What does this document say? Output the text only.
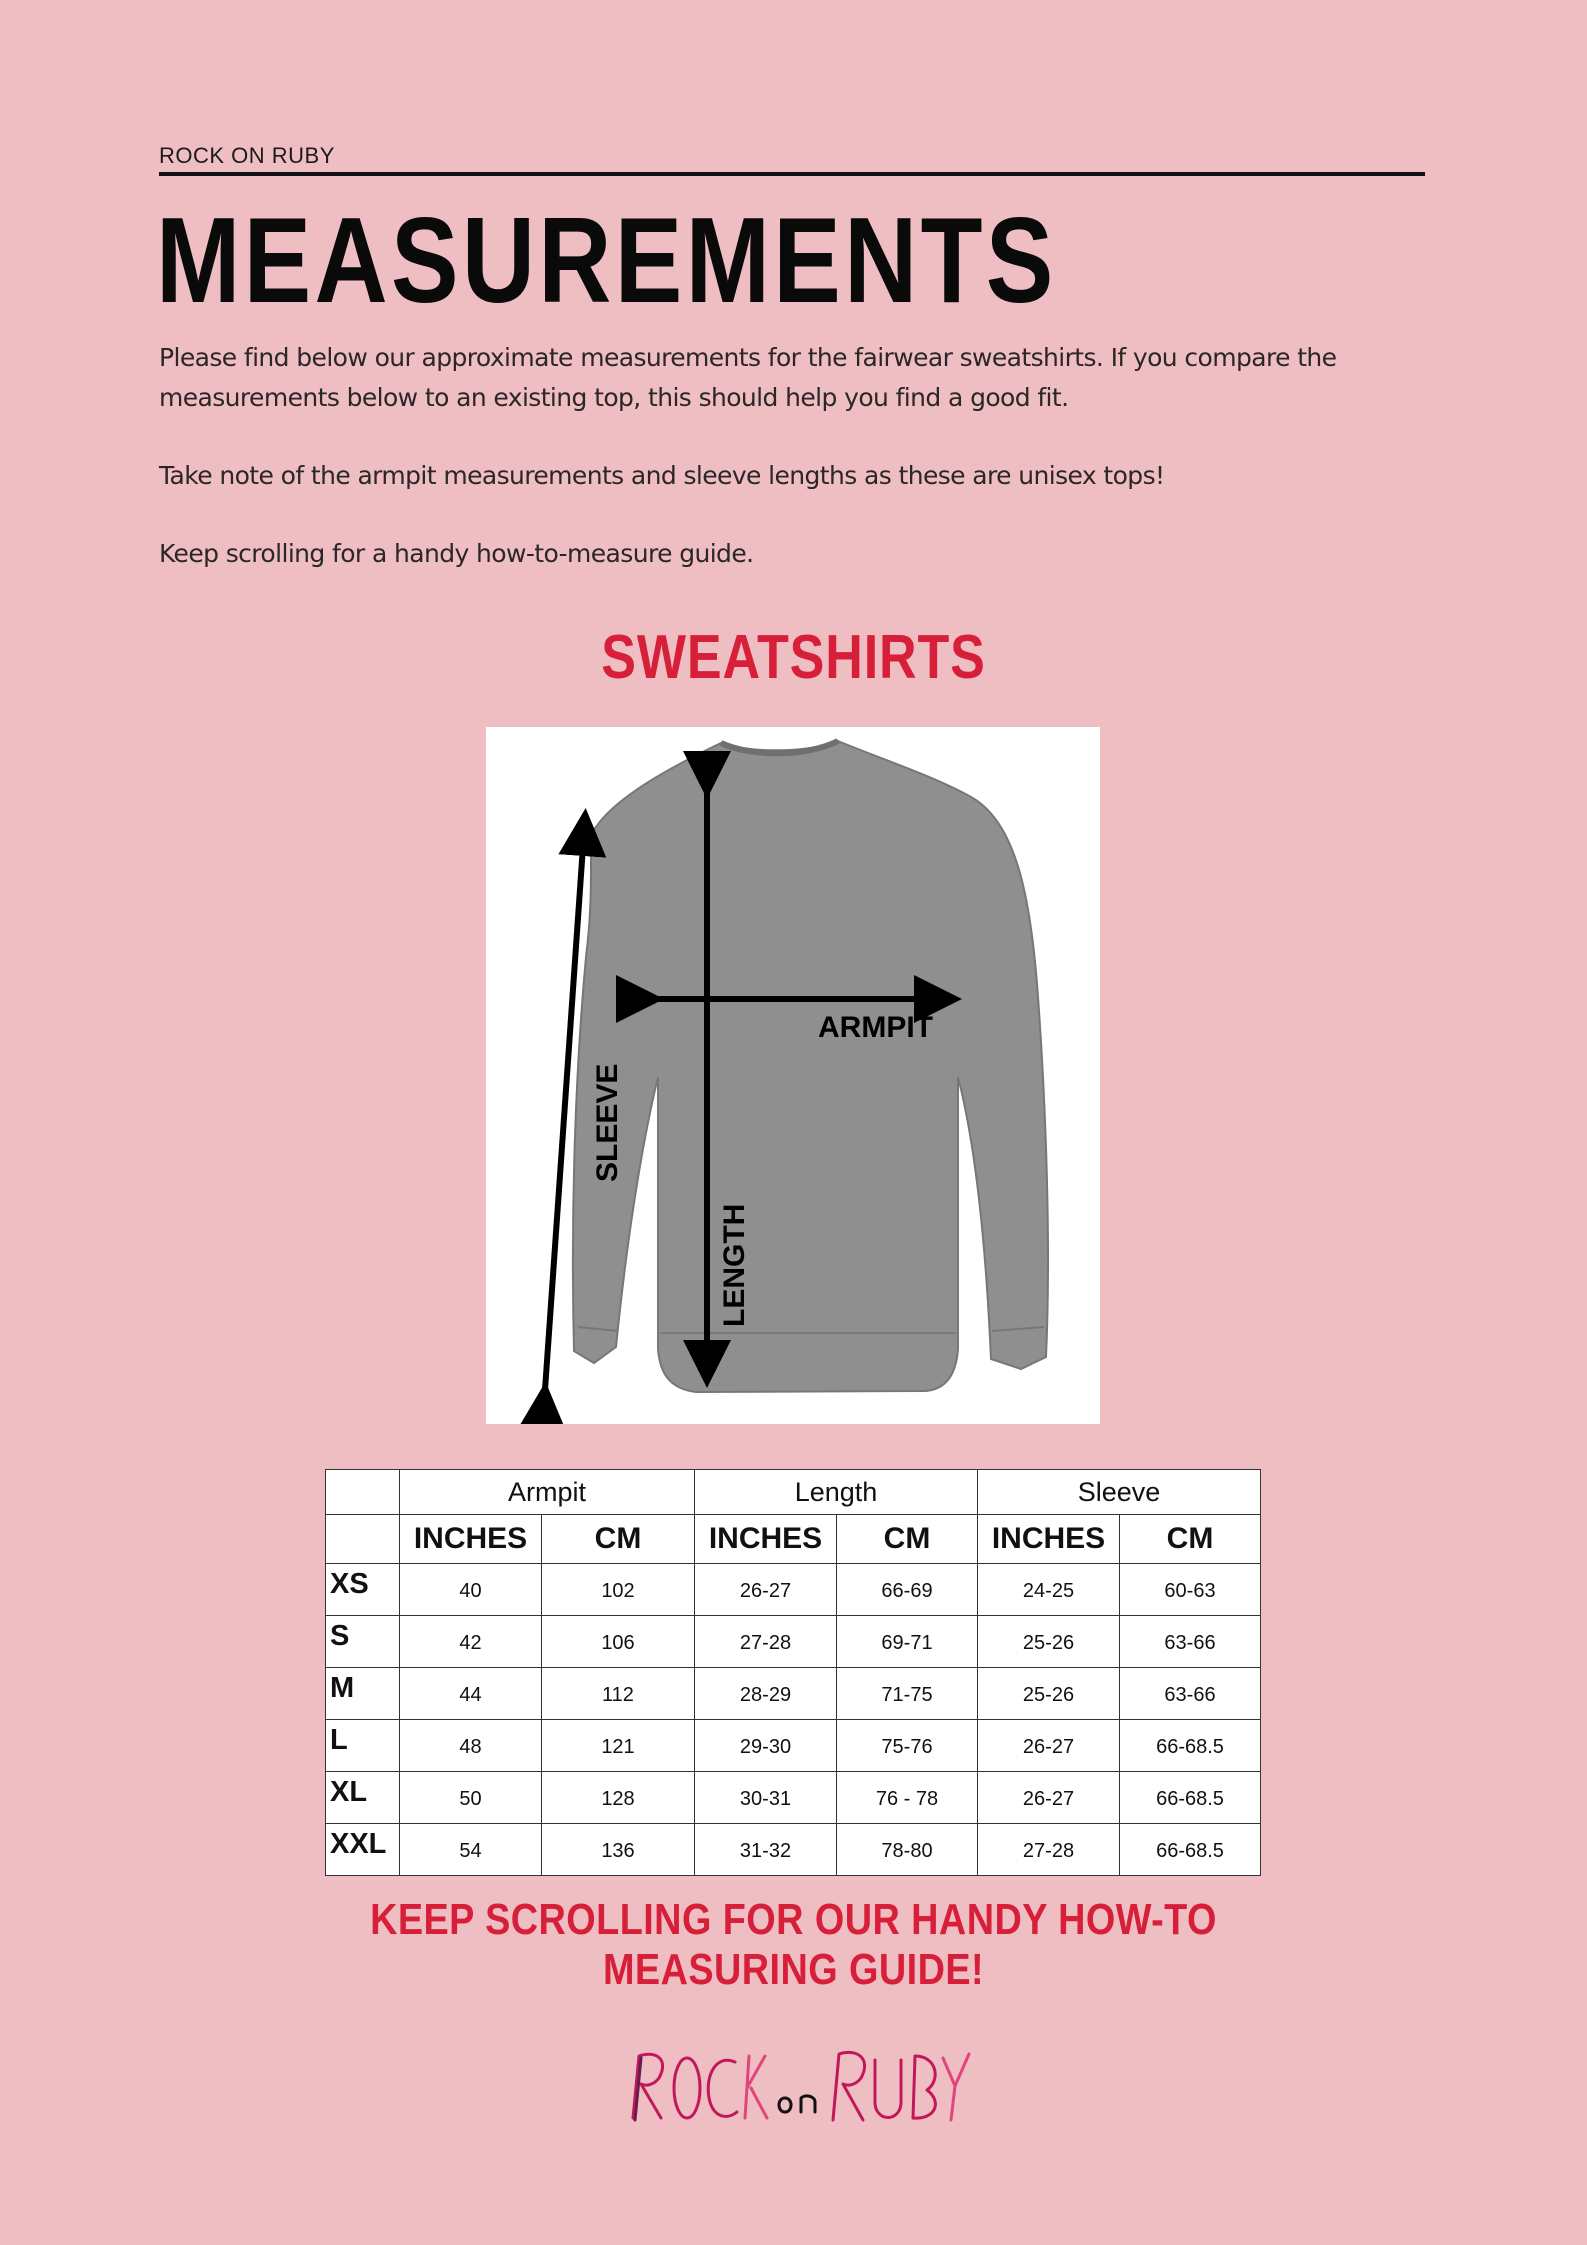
ROCK ON RUBY
MEASUREMENTS

Please find below our approximate measurements for the fairwear sweatshirts. If you compare the measurements below to an existing top, this should help you find a good fit.

Take note of the armpit measurements and sleeve lengths as these are unisex tops!

Keep scrolling for a handy how-to-measure guide.

SWEATSHIRTS
ARMPIT
SLEEVE
LENGTH
	Armpit		Length		Sleeve	
	INCHES	CM	INCHES	CM	INCHES	CM
XS	40	102	26-27	66-69	24-25	60-63
S	42	106	27-28	69-71	25-26	63-66
M	44	112	28-29	71-75	25-26	63-66
L	48	121	29-30	75-76	26-27	66-68.5
XL	50	128	30-31	76 - 78	26-27	66-68.5
XXL	54	136	31-32	78-80	27-28	66-68.5
KEEP SCROLLING FOR OUR HANDY HOW-TO
MEASURING GUIDE!
